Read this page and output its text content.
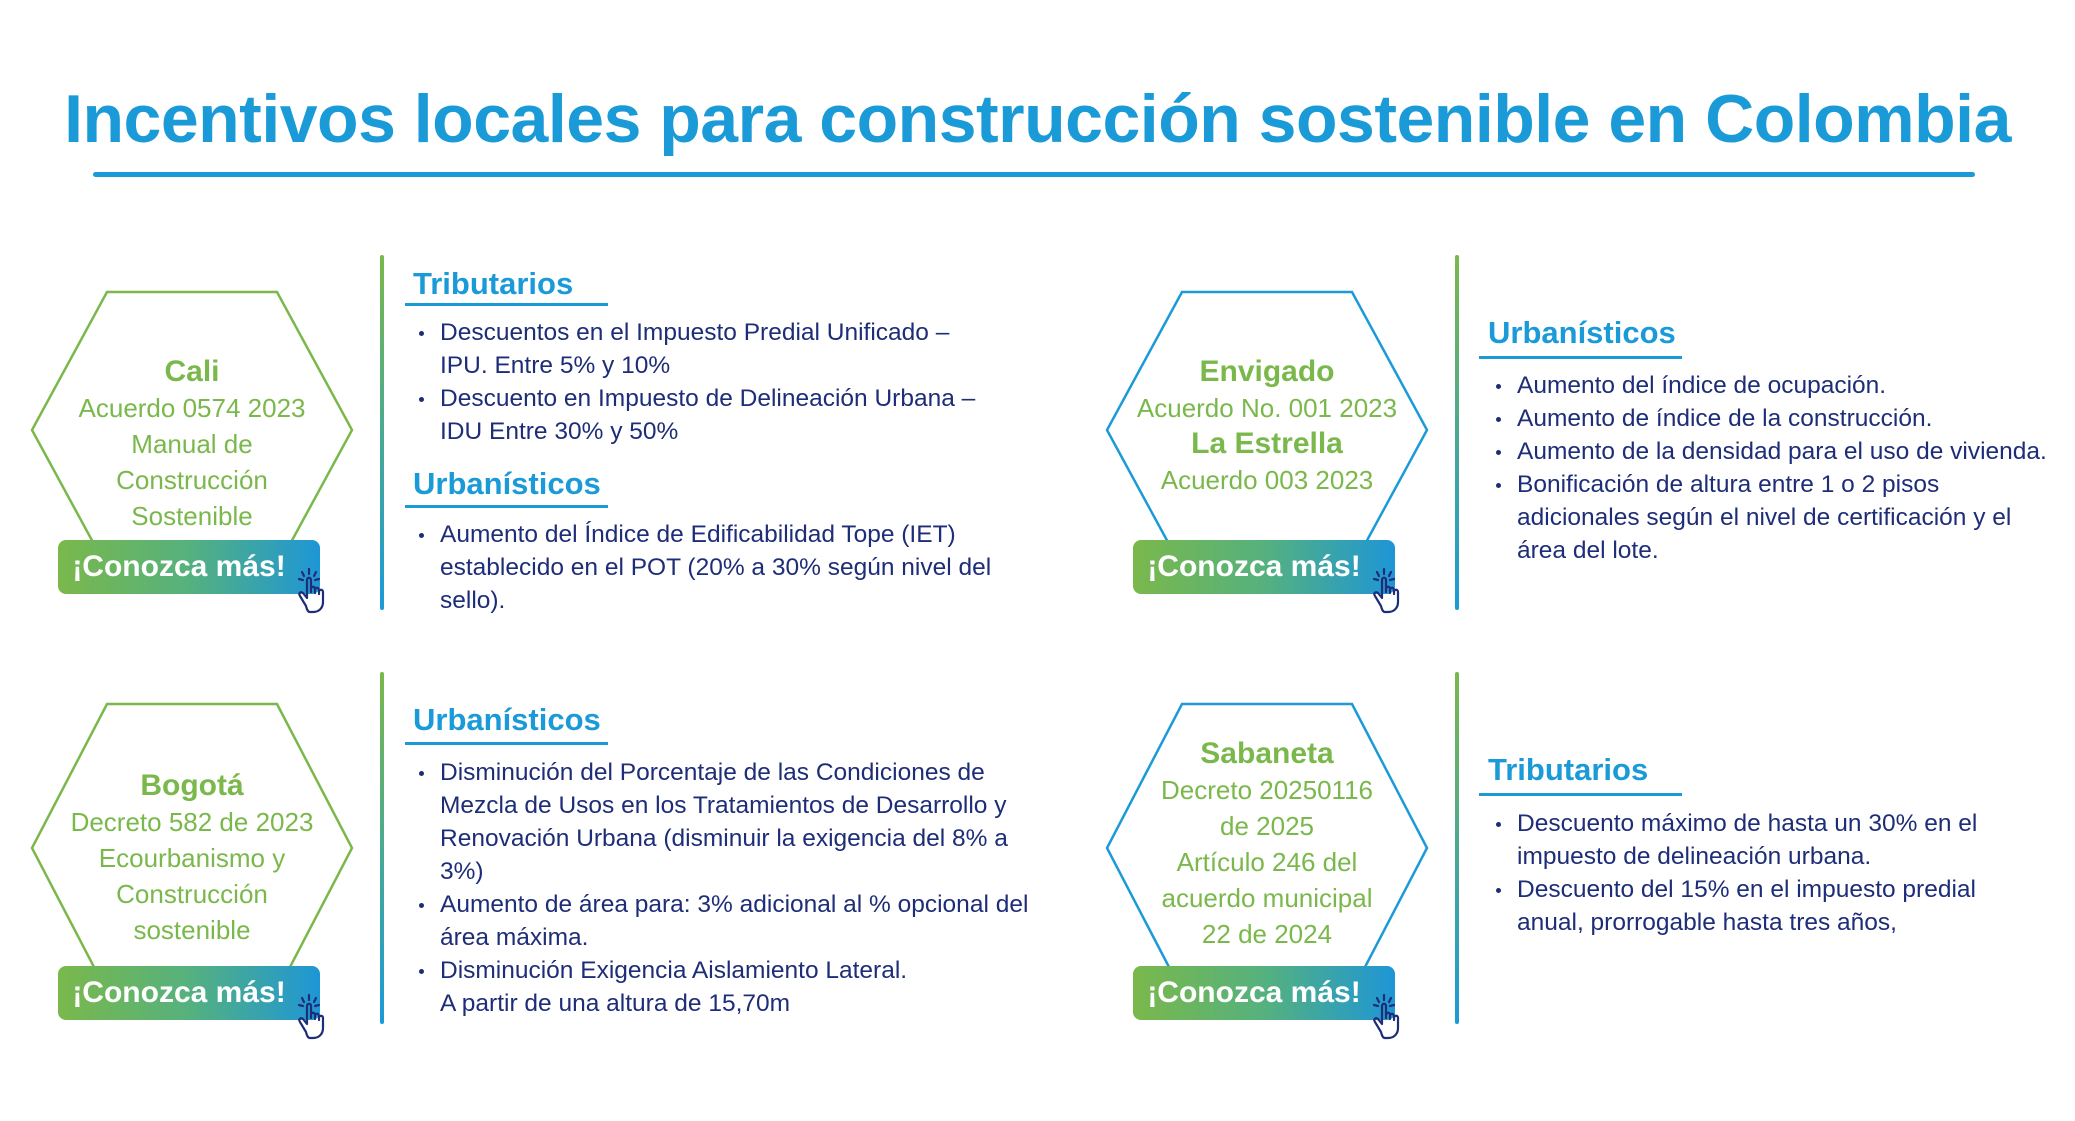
Incentivos locales para construcción sostenible en Colombia
Cali
Acuerdo 0574 2023
Manual de Construcción
Sostenible
¡Conozca más!
Tributarios
Descuentos en el Impuesto Predial Unificado – IPU. Entre 5% y 10%
Descuento en Impuesto de Delineación Urbana – IDU Entre 30% y 50%
Urbanísticos
Aumento del Índice de Edificabilidad Tope (IET) establecido en el POT (20% a 30% según nivel del sello).
Envigado
Acuerdo No. 001 2023
La Estrella
Acuerdo 003 2023
¡Conozca más!
Urbanísticos
Aumento del índice de ocupación.
Aumento de índice de la construcción.
Aumento de la densidad para el uso de vivienda.
Bonificación de altura entre 1 o 2 pisos adicionales según el nivel de certificación y el área del lote.
Bogotá
Decreto 582 de 2023
Ecourbanismo y
Construcción
sostenible
¡Conozca más!
Urbanísticos
Disminución del Porcentaje de las Condiciones de Mezcla de Usos en los Tratamientos de Desarrollo y Renovación Urbana (disminuir la exigencia del 8% a 3%)
Aumento de área para: 3% adicional al % opcional del área máxima.
Disminución Exigencia Aislamiento Lateral. A partir de una altura de 15,70m
Sabaneta
Decreto 20250116
de 2025
Artículo 246 del
acuerdo municipal
22 de 2024
¡Conozca más!
Tributarios
Descuento máximo de hasta un 30% en el impuesto de delineación urbana.
Descuento del 15% en el impuesto predial anual, prorrogable hasta tres años,
